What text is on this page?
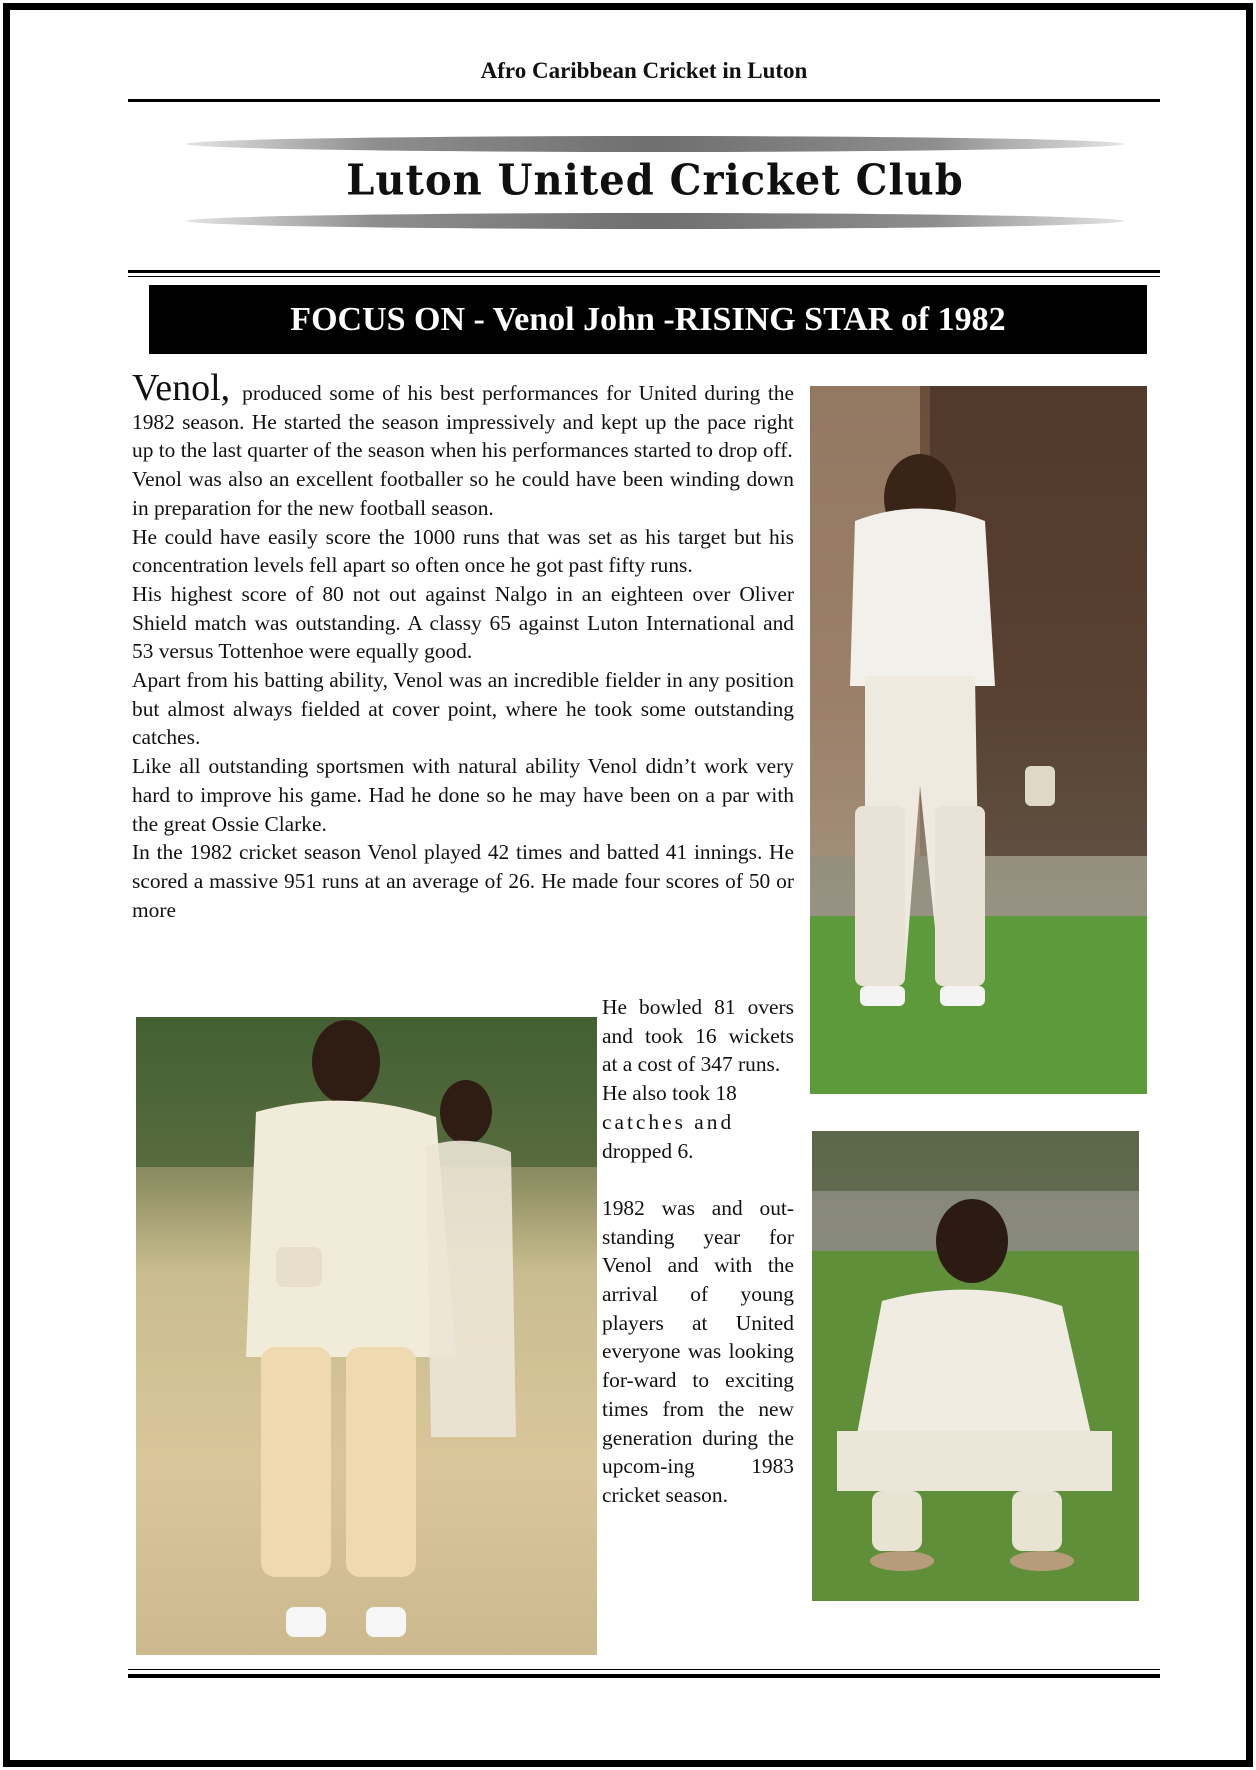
Afro Caribbean Cricket in Luton
Luton United Cricket Club
FOCUS ON - Venol John -RISING STAR of 1982

Venol, produced some of his best performances for United during the 1982 season. He started the season impressively and kept up the pace right up to the last quarter of the season when his performances started to drop off.

Venol was also an excellent footballer so he could have been winding down in preparation for the new football season.

He could have easily score the 1000 runs that was set as his target but his concentration levels fell apart so often once he got past fifty runs.

His highest score of 80 not out against Nalgo in an eighteen over Oliver Shield match was outstanding. A classy 65 against Luton International and 53 versus Tottenhoe were equally good.

Apart from his batting ability, Venol was an incredible fielder in any position but almost always fielded at cover point, where he took some outstanding catches.

Like all outstanding sportsmen with natural ability Venol didn’t work very hard to improve his game. Had he done so he may have been on a par with the great Ossie Clarke.

In the 1982 cricket season Venol played 42 times and batted 41 innings. He scored a massive 951 runs at an average of 26. He made four scores of 50 or more

He bowled 81 overs and took 16 wickets at a cost of 347 runs.

He also took 18

catches and

dropped 6.

1982 was and out-standing year for Venol and with the arrival of young players at United everyone was looking for-ward to exciting times from the new generation during the upcom-ing 1983 cricket season.
